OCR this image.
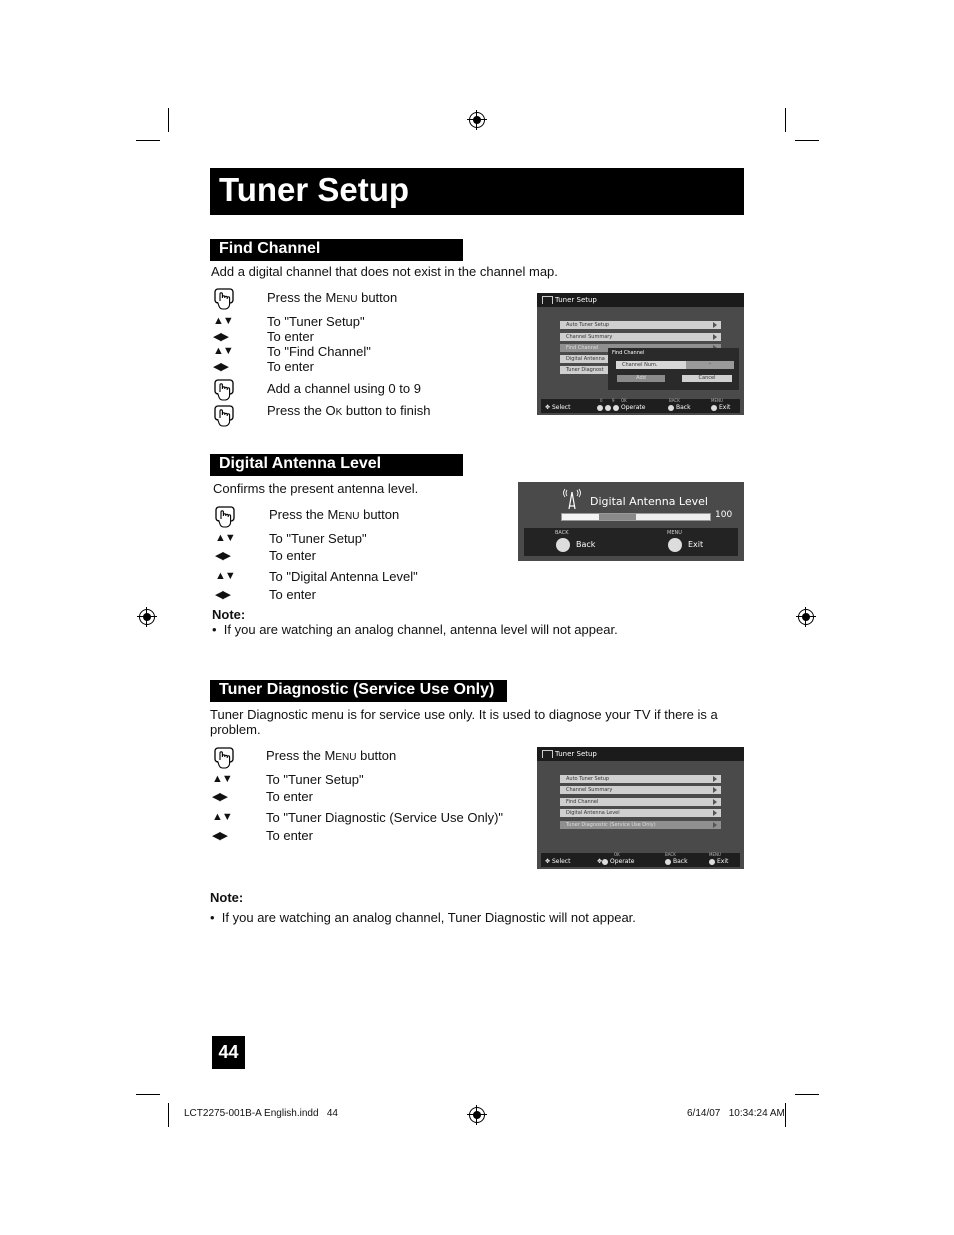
Tuner Setup
Find Channel
Add a digital channel that does not exist in the channel map.
Press the MENU button
▲▼	To "Tuner Setup"
◀▶	To enter
▲▼	To "Find Channel"
◀▶	To enter
Add a channel using 0 to 9
Press the OK button to finish
Tuner Setup
Auto Tuner Setup
Channel Summary
Find Channel
Digital Antenna
Tuner Diagnost
Find Channel
Channel Num.	–
Add	Cancel
✥ Select
0 9 OK
Operate
BACK
Back
MENU
Exit
Digital Antenna Level
Confirms the present antenna level.
Press the MENU button
▲▼	To "Tuner Setup"
◀▶	To enter
▲▼	To "Digital Antenna Level"
◀▶	To enter
Note:
• If you are watching an analog channel, antenna level will not appear.
Digital Antenna Level
100
BACK
Back
MENU
Exit
Tuner Diagnostic (Service Use Only)
Tuner Diagnostic menu is for service use only. It is used to diagnose your TV if there is a
problem.
Press the MENU button
▲▼	To "Tuner Setup"
◀▶	To enter
▲▼	To "Tuner Diagnostic (Service Use Only)"
◀▶	To enter
Tuner Setup
Auto Tuner Setup
Channel Summary
Find Channel
Digital Antenna Level
Tuner Diagnostic (Service Use Only)
✥ Select
OK
✥ Operate
BACK
Back
MENU
Exit
Note:
• If you are watching an analog channel, Tuner Diagnostic will not appear.
44
LCT2275-001B-A English.indd   44	6/14/07   10:34:24 AM
